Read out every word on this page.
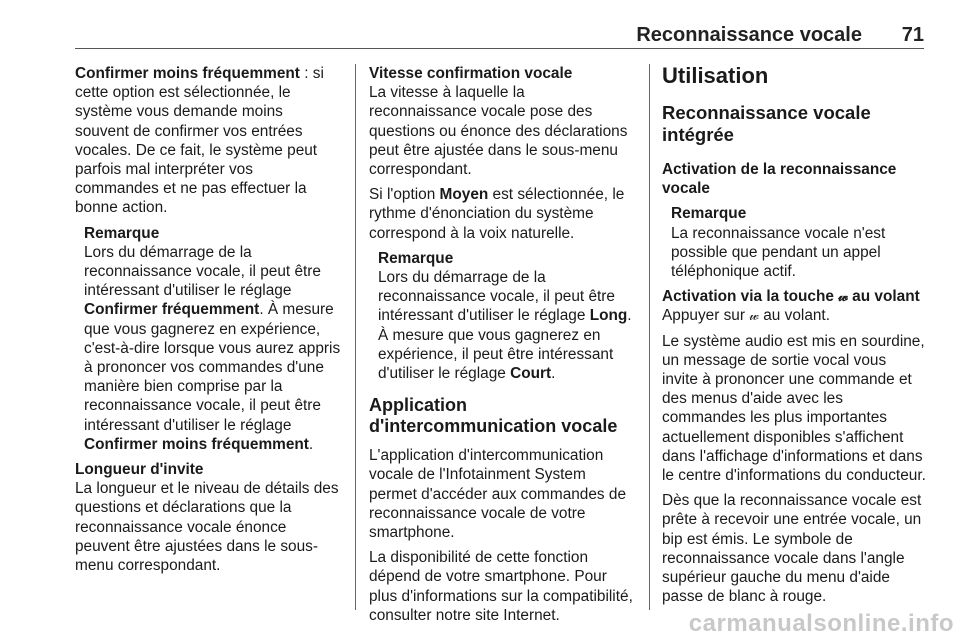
Reconnaissance vocale 71

Confirmer moins fréquemment : si cette option est sélectionnée, le système vous demande moins souvent de confirmer vos entrées vocales. De ce fait, le système peut parfois mal interpréter vos commandes et ne pas effectuer la bonne action.

Remarque
Lors du démarrage de la reconnaissance vocale, il peut être intéressant d'utiliser le réglage Confirmer fréquemment. À mesure que vous gagnerez en expérience, c'est-à-dire lorsque vous aurez appris à prononcer vos commandes d'une manière bien comprise par la reconnaissance vocale, il peut être intéressant d'utiliser le réglage Confirmer moins fréquemment.
Longueur d'invite

La longueur et le niveau de détails des questions et déclarations que la reconnaissance vocale énonce peuvent être ajustées dans le sous-menu correspondant.

Vitesse confirmation vocale

La vitesse à laquelle la reconnaissance vocale pose des questions ou énonce des déclarations peut être ajustée dans le sous-menu correspondant.

Si l'option Moyen est sélectionnée, le rythme d'énonciation du système correspond à la voix naturelle.

Remarque
Lors du démarrage de la reconnaissance vocale, il peut être intéressant d'utiliser le réglage Long. À mesure que vous gagnerez en expérience, il peut être intéressant d'utiliser le réglage Court.
Application d'intercommunication vocale

L'application d'intercommunication vocale de l'Infotainment System permet d'accéder aux commandes de reconnaissance vocale de votre smartphone.

La disponibilité de cette fonction dépend de votre smartphone. Pour plus d'informations sur la compatibilité, consulter notre site Internet.

Utilisation
Reconnaissance vocale intégrée
Activation de la reconnaissance vocale
Remarque
La reconnaissance vocale n'est possible que pendant un appel téléphonique actif.
Activation via la touche 𝓌 au volant

Appuyer sur 𝓌 au volant.

Le système audio est mis en sourdine, un message de sortie vocal vous invite à prononcer une commande et des menus d'aide avec les commandes les plus importantes actuellement disponibles s'affichent dans l'affichage d'informations et dans le centre d'informations du conducteur.

Dès que la reconnaissance vocale est prête à recevoir une entrée vocale, un bip est émis. Le symbole de reconnaissance vocale dans l'angle supérieur gauche du menu d'aide passe de blanc à rouge.

carmanualsonline.info
